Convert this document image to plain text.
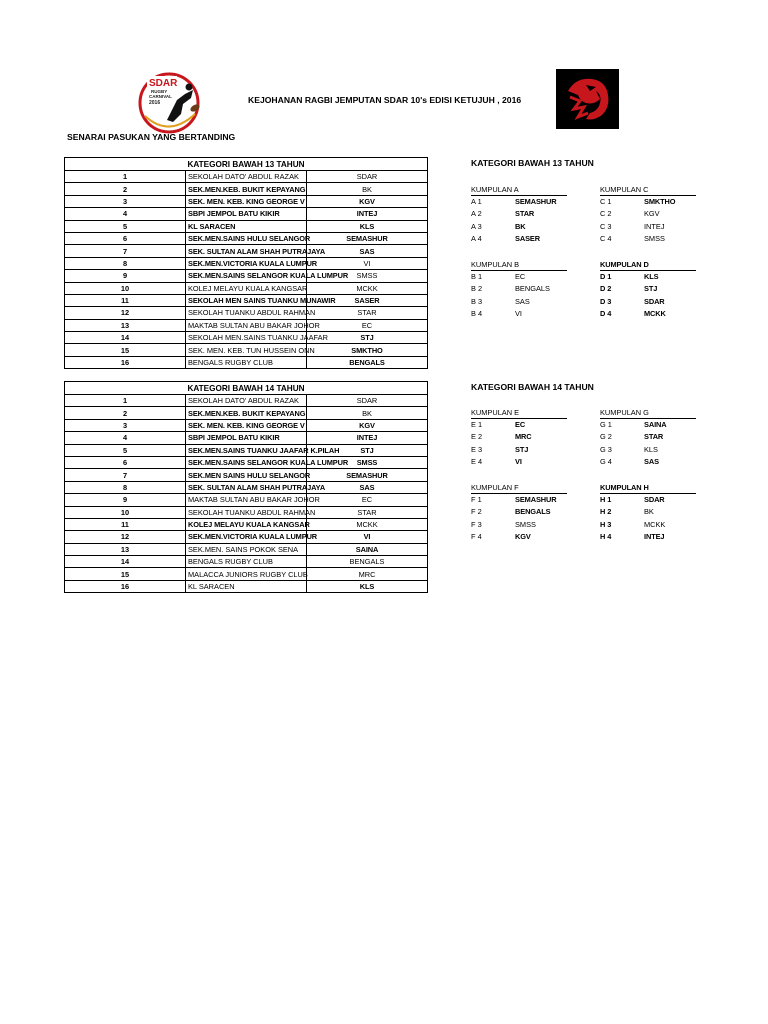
SDAR
RUGBY
CARNIVAL
2016	KEJOHANAN RAGBI JEMPUTAN SDAR 10's EDISI KETUJUH , 2016
SENARAI PASUKAN YANG BERTANDING
KATEGORI BAWAH 13 TAHUN		
1	SEKOLAH DATO' ABDUL RAZAK	SDAR
2	SEK.MEN.KEB. BUKIT KEPAYANG	BK
3	SEK. MEN. KEB. KING GEORGE V	KGV
4	SBPI JEMPOL BATU KIKIR	INTEJ
5	KL SARACEN	KLS
6	SEK.MEN.SAINS HULU SELANGOR	SEMASHUR
7	SEK. SULTAN ALAM SHAH PUTRAJAYA	SAS
8	SEK.MEN.VICTORIA KUALA LUMPUR	VI
9	SEK.MEN.SAINS SELANGOR KUALA LUMPUR	SMSS
10	KOLEJ MELAYU KUALA KANGSAR	MCKK
11	SEKOLAH MEN SAINS TUANKU MUNAWIR	SASER
12	SEKOLAH TUANKU ABDUL RAHMAN	STAR
13	MAKTAB SULTAN ABU BAKAR JOHOR	EC
14	SEKOLAH MEN.SAINS TUANKU JAAFAR	STJ
15	SEK. MEN. KEB. TUN HUSSEIN ONN	SMKTHO
16	BENGALS RUGBY CLUB	BENGALS
KATEGORI BAWAH 14 TAHUN		
1	SEKOLAH DATO' ABDUL RAZAK	SDAR
2	SEK.MEN.KEB. BUKIT KEPAYANG	BK
3	SEK. MEN. KEB. KING GEORGE V	KGV
4	SBPI JEMPOL BATU KIKIR	INTEJ
5	SEK.MEN.SAINS TUANKU JAAFAR K.PILAH	STJ
6	SEK.MEN.SAINS SELANGOR KUALA LUMPUR	SMSS
7	SEK.MEN SAINS HULU SELANGOR	SEMASHUR
8	SEK. SULTAN ALAM SHAH PUTRAJAYA	SAS
9	MAKTAB SULTAN ABU BAKAR JOHOR	EC
10	SEKOLAH TUANKU ABDUL RAHMAN	STAR
11	KOLEJ MELAYU KUALA KANGSAR	MCKK
12	SEK.MEN.VICTORIA KUALA LUMPUR	VI
13	SEK.MEN. SAINS POKOK SENA	SAINA
14	BENGALS RUGBY CLUB	BENGALS
15	MALACCA JUNIORS RUGBY CLUB	MRC
16	KL SARACEN	KLS
KATEGORI BAWAH 13 TAHUN
KATEGORI BAWAH 14 TAHUN
KUMPULAN A
A 1	SEMASHUR
A 2	STAR
A 3	BK
A 4	SASER
KUMPULAN C
C 1	SMKTHO
C 2	KGV
C 3	INTEJ
C 4	SMSS
KUMPULAN B
B 1	EC
B 2	BENGALS
B 3	SAS
B 4	VI
KUMPULAN D
D 1	KLS
D 2	STJ
D 3	SDAR
D 4	MCKK
KUMPULAN E
E 1	EC
E 2	MRC
E 3	STJ
E 4	VI
KUMPULAN G
G 1	SAINA
G 2	STAR
G 3	KLS
G 4	SAS
KUMPULAN F
F 1	SEMASHUR
F 2	BENGALS
F 3	SMSS
F 4	KGV
KUMPULAN H
H 1	SDAR
H 2	BK
H 3	MCKK
H 4	INTEJ
